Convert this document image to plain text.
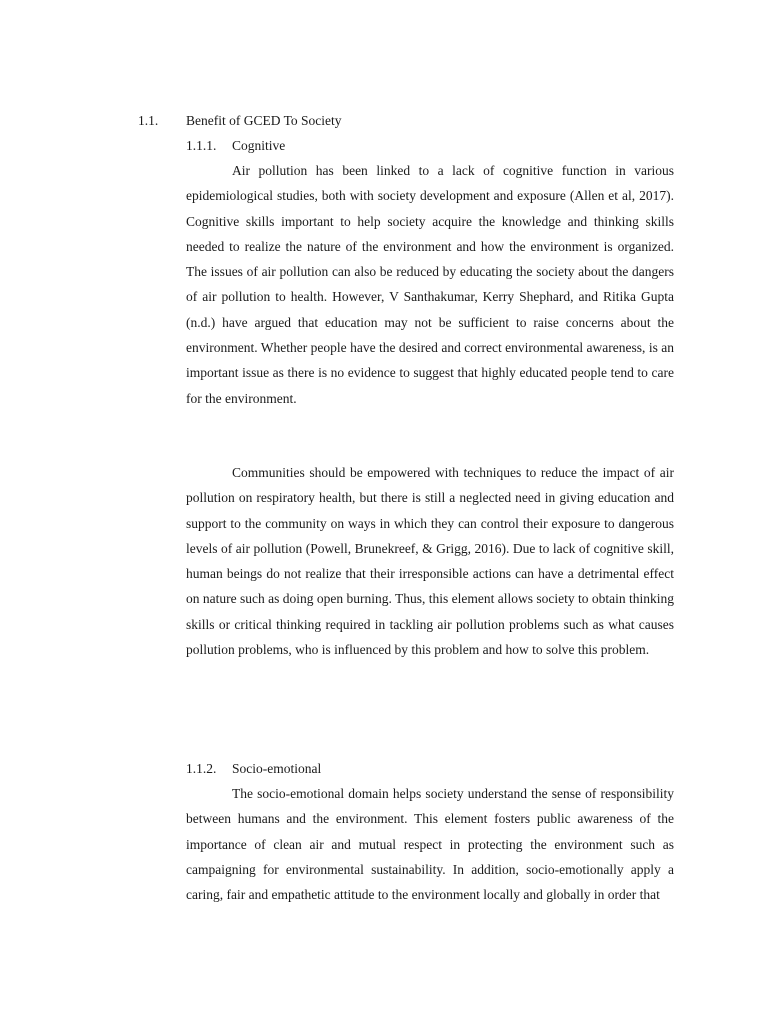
1.1. Benefit of GCED To Society
1.1.1. Cognitive

Air pollution has been linked to a lack of cognitive function in various epidemiological studies, both with society development and exposure (Allen et al, 2017). Cognitive skills important to help society acquire the knowledge and thinking skills needed to realize the nature of the environment and how the environment is organized. The issues of air pollution can also be reduced by educating the society about the dangers of air pollution to health. However, V Santhakumar, Kerry Shephard, and Ritika Gupta (n.d.) have argued that education may not be sufficient to raise concerns about the environment. Whether people have the desired and correct environmental awareness, is an important issue as there is no evidence to suggest that highly educated people tend to care for the environment.

Communities should be empowered with techniques to reduce the impact of air pollution on respiratory health, but there is still a neglected need in giving education and support to the community on ways in which they can control their exposure to dangerous levels of air pollution (Powell, Brunekreef, & Grigg, 2016). Due to lack of cognitive skill, human beings do not realize that their irresponsible actions can have a detrimental effect on nature such as doing open burning. Thus, this element allows society to obtain thinking skills or critical thinking required in tackling air pollution problems such as what causes pollution problems, who is influenced by this problem and how to solve this problem.

1.1.2. Socio-emotional

The socio-emotional domain helps society understand the sense of responsibility between humans and the environment. This element fosters public awareness of the importance of clean air and mutual respect in protecting the environment such as campaigning for environmental sustainability. In addition, socio-emotionally apply a caring, fair and empathetic attitude to the environment locally and globally in order that
